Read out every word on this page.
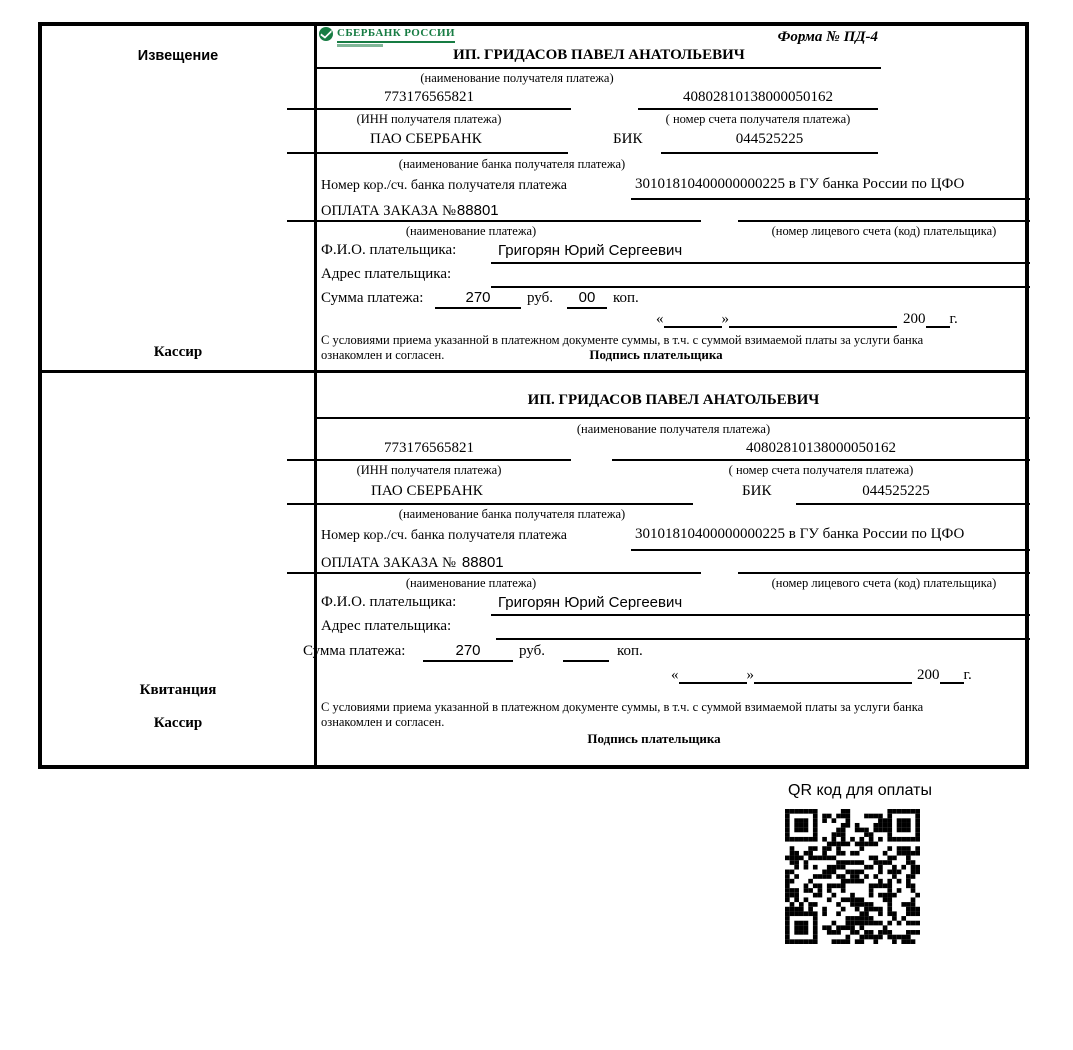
Извещение
Кассир
СБЕРБАНК РОССИИ	Форма № ПД-4
ИП. ГРИДАСОВ ПАВЕЛ АНАТОЛЬЕВИЧ
(наименование получателя платежа)
773176565821	40802810138000050162
(ИНН получателя платежа)	( номер счета получателя платежа)
ПАО СБЕРБАНК	БИК	044525225
(наименование банка получателя платежа)
Номер кор./сч. банка получателя платежа	30101810400000000225 в ГУ банка России по ЦФО
ОПЛАТА ЗАКАЗА №88801
(наименование платежа)	(номер лицевого счета (код) плательщика)
Ф.И.О. плательщика:	Григорян Юрий Сергеевич
Адрес плательщика:
Сумма платежа:	270	руб.	00	коп.
«	»	200 г.
С условиями приема указанной в платежном документе суммы, в т.ч. с суммой взимаемой платы за услуги банка
ознакомлен и согласен.	Подпись плательщика
Квитанция
Кассир
ИП. ГРИДАСОВ ПАВЕЛ АНАТОЛЬЕВИЧ
(наименование получателя платежа)
773176565821	40802810138000050162
(ИНН получателя платежа)	( номер счета получателя платежа)
ПАО СБЕРБАНК	БИК	044525225
(наименование банка получателя платежа)
Номер кор./сч. банка получателя платежа	30101810400000000225 в ГУ банка России по ЦФО
ОПЛАТА ЗАКАЗА № 88801
(наименование платежа)	(номер лицевого счета (код) плательщика)
Ф.И.О. плательщика:	Григорян Юрий Сергеевич
Адрес плательщика:
Сумма платежа:	270	руб.	коп.
«	»	200 г.
С условиями приема указанной в платежном документе суммы, в т.ч. с суммой взимаемой платы за услуги банка
ознакомлен и согласен.
Подпись плательщика
QR код для оплаты
